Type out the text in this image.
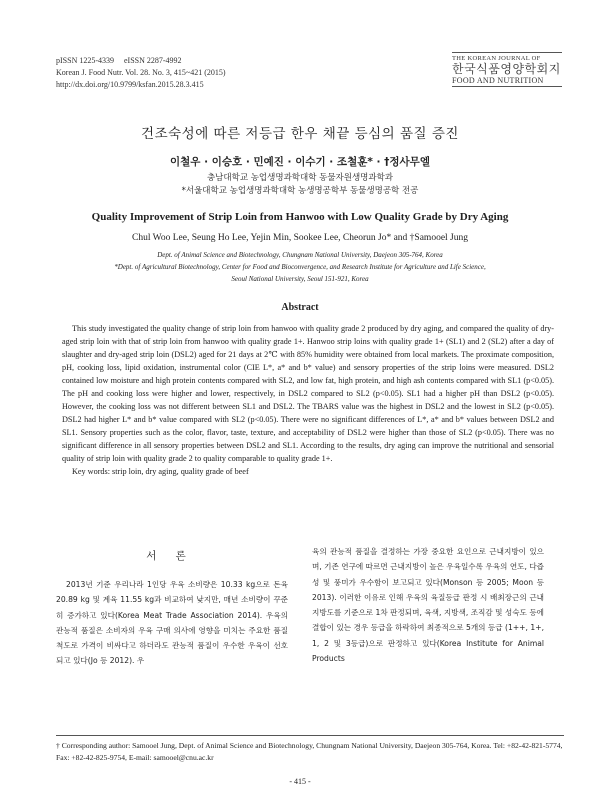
pISSN 1225-4339     eISSN 2287-4992
Korean J. Food Nutr. Vol. 28. No. 3, 415~421 (2015)
http://dx.doi.org/10.9799/ksfan.2015.28.3.415
THE KOREAN JOURNAL OF
한국식품영양학회지
FOOD AND NUTRITION
건조숙성에 따른 저등급 한우 채끝 등심의 품질 증진
이철우 · 이승호 · 민예진 · 이수기 · 조철훈* · †정사무엘
충남대학교 농업생명과학대학 동물자원생명과학과
*서울대학교 농업생명과학대학 농생명공학부 동물생명공학 전공
Quality Improvement of Strip Loin from Hanwoo with Low Quality Grade by Dry Aging
Chul Woo Lee, Seung Ho Lee, Yejin Min, Sookee Lee, Cheorun Jo* and †Samooel Jung
Dept. of Animal Science and Biotechnology, Chungnam National University, Daejeon 305-764, Korea
*Dept. of Agricultural Biotechnology, Center for Food and Bioconvergence, and Research Institute for Agriculture and Life Science,
Seoul National University, Seoul 151-921, Korea
Abstract

This study investigated the quality change of strip loin from hanwoo with quality grade 2 produced by dry aging, and compared the quality of dry-aged strip loin with that of strip loin from hanwoo with quality grade 1+. Hanwoo strip loins with quality grade 1+ (SL1) and 2 (SL2) after a day of slaughter and dry-aged strip loin (DSL2) aged for 21 days at 2℃ with 85% humidity were obtained from local markets. The proximate composition, pH, cooking loss, lipid oxidation, instrumental color (CIE L*, a* and b* value) and sensory properties of the strip loins were measured. DSL2 contained low moisture and high protein contents compared with SL2, and low fat, high protein, and high ash contents compared with SL1 (p<0.05). The pH and cooking loss were higher and lower, respectively, in DSL2 compared to SL2 (p<0.05). SL1 had a higher pH than DSL2 (p<0.05). However, the cooking loss was not different between SL1 and DSL2. The TBARS value was the highest in DSL2 and the lowest in SL2 (p<0.05). DSL2 had higher L* and b* value compared with SL2 (p<0.05). There were no significant differences of L*, a* and b* values between DSL2 and SL1. Sensory properties such as the color, flavor, taste, texture, and acceptability of DSL2 were higher than those of SL2 (p<0.05). There was no significant difference in all sensory properties between DSL2 and SL1. According to the results, dry aging can improve the nutritional and sensorial quality of strip loin with quality grade 2 to quality comparable to quality grade 1+.

Key words: strip loin, dry aging, quality grade of beef

서 론

2013년 기준 우리나라 1인당 우육 소비량은 10.33 kg으로 돈육 20.89 kg 및 계육 11.55 kg과 비교하여 낮지만, 매년 소비량이 꾸준히 증가하고 있다(Korea Meat Trade Association 2014). 우육의 관능적 품질은 소비자의 우육 구매 의사에 영향을 미치는 주요한 품질척도로 가격이 비싸다고 하더라도 관능적 품질이 우수한 우육이 선호되고 있다(Jo 등 2012). 우

육의 관능적 품질을 결정하는 가장 중요한 요인으로 근내지방이 있으며, 기존 연구에 따르면 근내지방이 높은 우육일수록 우육의 연도, 다즙성 및 풍미가 우수함이 보고되고 있다(Monson 등 2005; Moon 등 2013). 이러한 이유로 인해 우육의 육질등급 판정 시 배최장근의 근내지방도를 기준으로 1차 판정되며, 육색, 지방색, 조직감 및 성숙도 등에 결합이 있는 경우 등급을 하락하여 최종적으로 5개의 등급 (1++, 1+, 1, 2 및 3등급)으로 판정하고 있다(Korea Institute for Animal Products

† Corresponding author: Samooel Jung, Dept. of Animal Science and Biotechnology, Chungnam National University, Daejeon 305-764, Korea. Tel: +82-42-821-5774, Fax: +82-42-825-9754, E-mail: samooel@cnu.ac.kr
- 415 -
